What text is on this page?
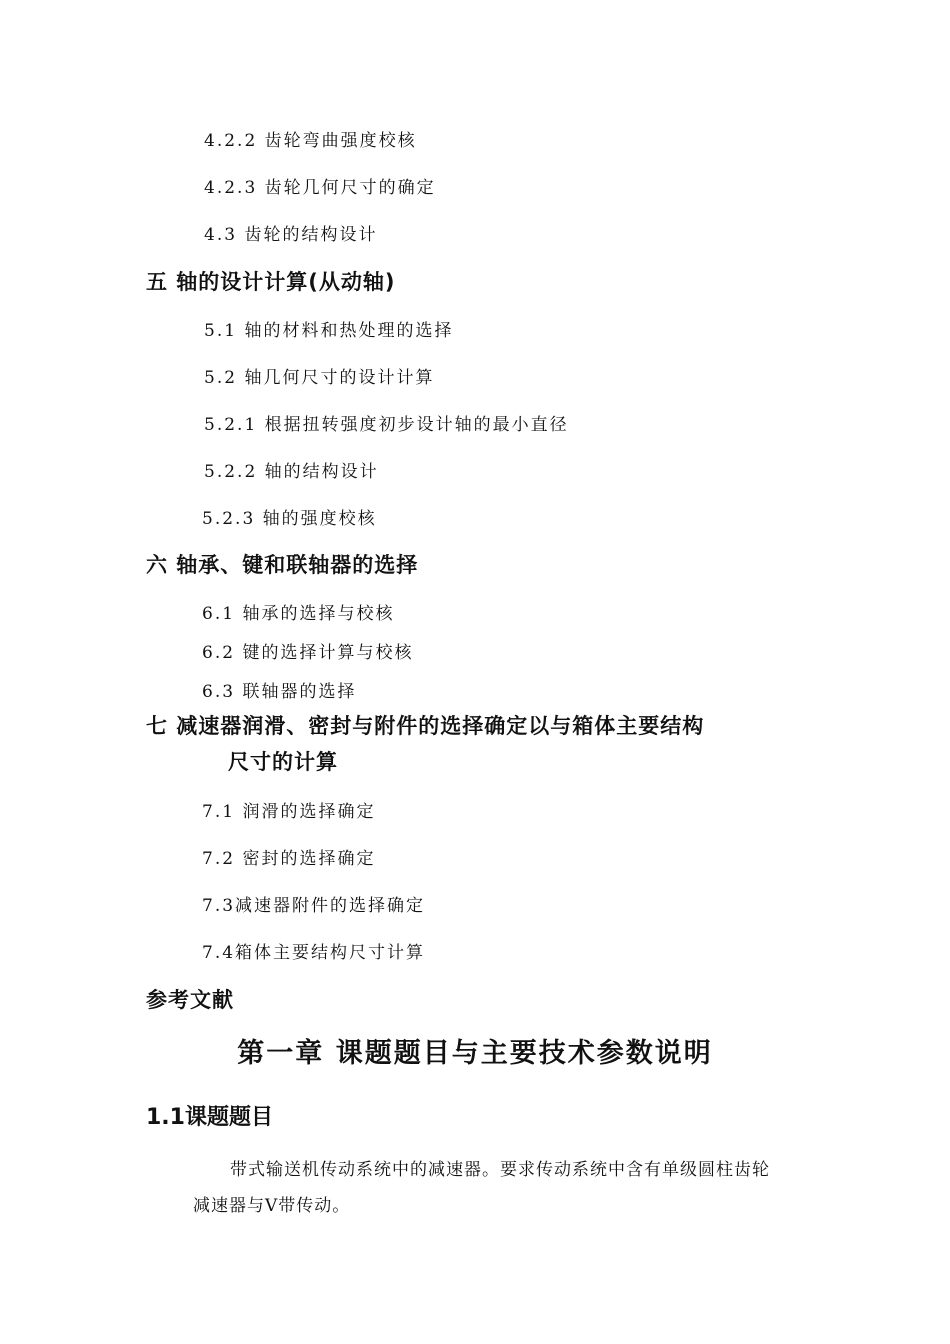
4.2.2 齿轮弯曲强度校核
4.2.3 齿轮几何尺寸的确定
4.3 齿轮的结构设计
五 轴的设计计算(从动轴)
5.1 轴的材料和热处理的选择
5.2 轴几何尺寸的设计计算
5.2.1 根据扭转强度初步设计轴的最小直径
5.2.2 轴的结构设计
5.2.3 轴的强度校核
六 轴承、键和联轴器的选择
6.1 轴承的选择与校核
6.2 键的选择计算与校核
6.3 联轴器的选择
七 减速器润滑、密封与附件的选择确定以与箱体主要结构
尺寸的计算
7.1 润滑的选择确定
7.2 密封的选择确定
7.3减速器附件的选择确定
7.4箱体主要结构尺寸计算
参考文献
第一章 课题题目与主要技术参数说明
1.1课题题目
带式输送机传动系统中的减速器。要求传动系统中含有单级圆柱齿轮
减速器与V带传动。
